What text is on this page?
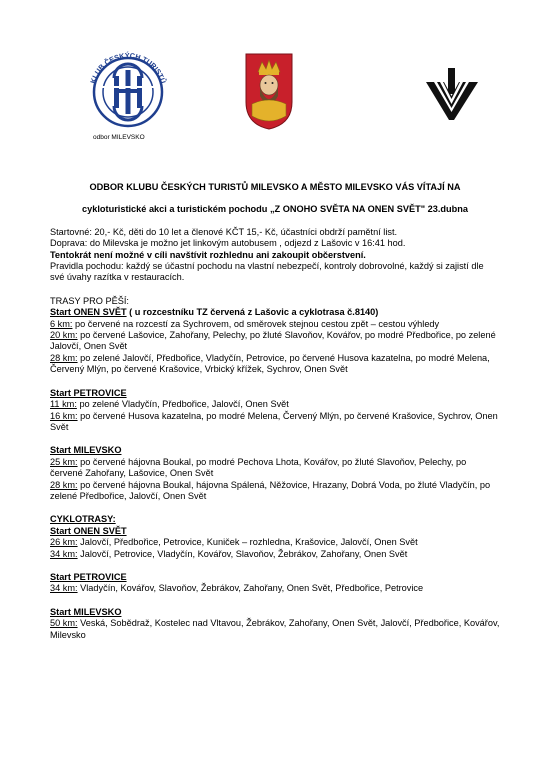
KLUB ČESKÝCH TURISTŮ
odbor MILEVSKO

ODBOR KLUBU ČESKÝCH TURISTŮ MILEVSKO A MĚSTO MILEVSKO VÁS VÍTAJÍ NA

cykloturistické akci a turistickém pochodu „Z ONOHO SVĚTA NA ONEN SVĚT" 23.dubna

Startovné: 20,- Kč, děti do 10 let a členové KČT 15,- Kč, účastníci obdrží pamětní list.

Doprava: do Milevska je možno jet linkovým autobusem , odjezd z Lašovic v 16:41 hod.

Tentokrát není možné v cíli navštívit rozhlednu ani zakoupit občerstvení.

Pravidla pochodu: každý se účastní pochodu na vlastní nebezpečí, kontroly dobrovolné, každý si zajistí dle své úvahy razítka v restauracích.

TRASY PRO PĚŠÍ:

Start ONEN SVĚT ( u rozcestníku TZ červená z Lašovic a cyklotrasa č.8140)

6 km: po červené na rozcestí za Sychrovem, od směrovek stejnou cestou zpět – cestou výhledy

20 km: po červené Lašovice, Zahořany, Pelechy, po žluté Slavoňov, Kovářov, po modré Předbořice, po zelené Jalovčí, Onen Svět

28 km: po zelené Jalovčí, Předbořice, Vladyčín, Petrovice, po červené Husova kazatelna, po modré Melena, Červený Mlýn, po červené Krašovice, Vrbický křížek, Sychrov, Onen Svět

Start PETROVICE

11 km: po zelené Vladyčín, Předbořice, Jalovčí, Onen Svět

16 km: po červené Husova kazatelna, po modré Melena, Červený Mlýn, po červené Krašovice, Sychrov, Onen Svět

Start MILEVSKO

25 km: po červené hájovna Boukal, po modré Pechova Lhota, Kovářov, po žluté Slavoňov, Pelechy, po červené Zahořany, Lašovice, Onen Svět

28 km: po červené hájovna Boukal, hájovna Spálená, Něžovice, Hrazany, Dobrá Voda, po žluté Vladyčín, po zelené Předbořice, Jalovčí, Onen Svět

CYKLOTRASY:

Start ONEN SVĚT

26 km: Jalovčí, Předbořice, Petrovice, Kuniček – rozhledna, Krašovice, Jalovčí, Onen Svět

34 km: Jalovčí, Petrovice, Vladyčín, Kovářov, Slavoňov, Žebrákov, Zahořany, Onen Svět

Start PETROVICE

34 km: Vladyčín, Kovářov, Slavoňov, Žebrákov, Zahořany, Onen Svět, Předbořice, Petrovice

Start MILEVSKO

50 km: Veská, Sobědraž, Kostelec nad Vltavou, Žebrákov, Zahořany, Onen Svět, Jalovčí, Předbořice, Kovářov, Milevsko
